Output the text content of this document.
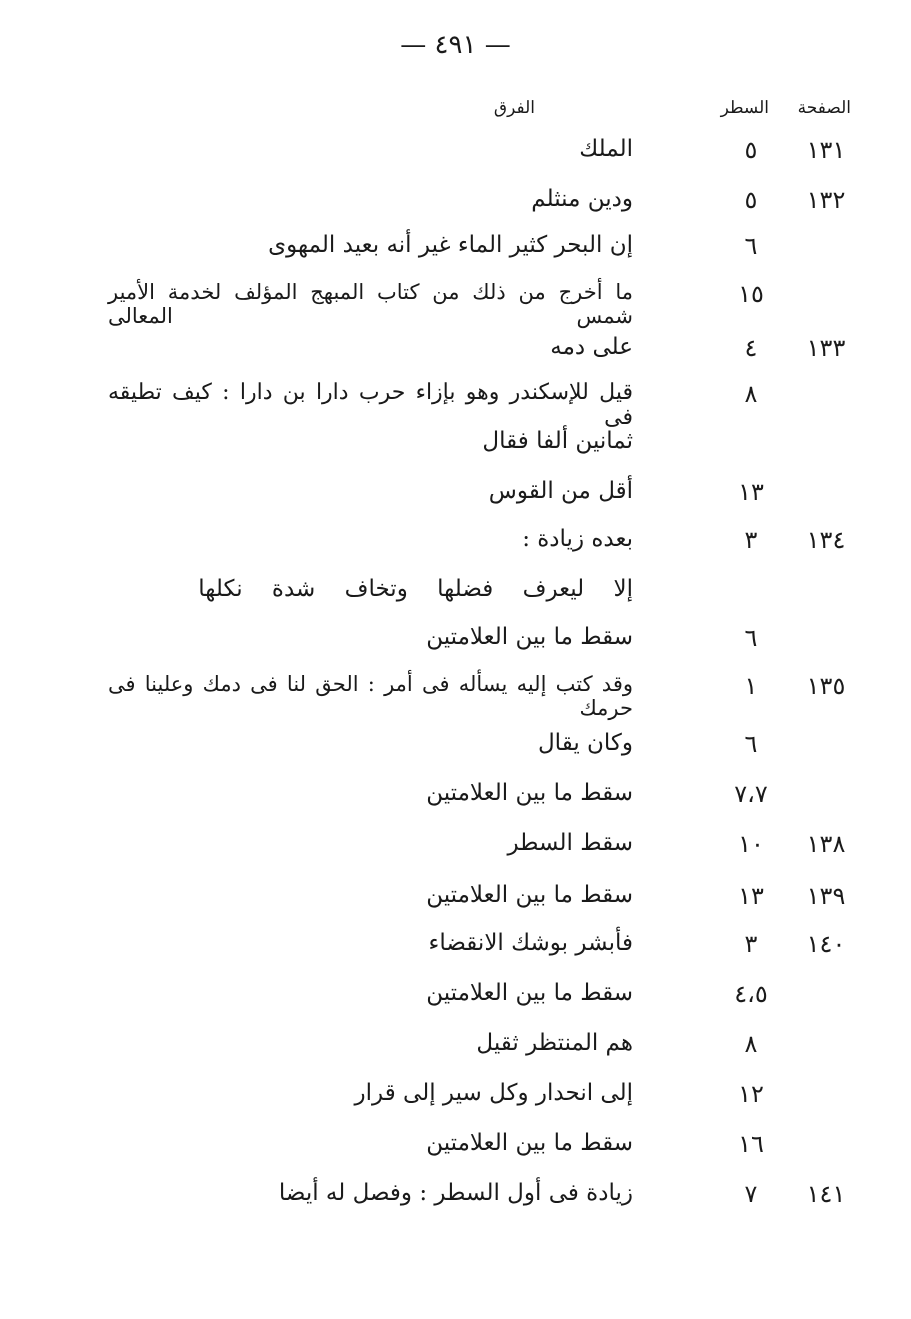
— ٤٩١ —
الصفحة
السطر
الفرق
١٣١
٥
الملك
١٣٢
٥
ودين منثلم
٦
إن البحر كثير الماء غير أنه بعيد المهوى
١٥
ما أخرج من ذلك من كتاب المبهج المؤلف لخدمة الأمير شمس المعالى
١٣٣
٤
على دمه
٨
قيل للإسكندر وهو بإزاء حرب دارا بن دارا : كيف تطيقه فى
ثمانين ألفا فقال
١٣
أقل من القوس
١٣٤
٣
بعده زيادة :
إلا ليعرف فضلها وتخاف شدة نكلها
٦
سقط ما بين العلامتين
١٣٥
١
وقد كتب إليه يسأله فى أمر : الحق لنا فى دمك وعلينا فى حرمك
٦
وكان يقال
٧،٧
سقط ما بين العلامتين
١٣٨
١٠
سقط السطر
١٣٩
١٣
سقط ما بين العلامتين
١٤٠
٣
فأبشر بوشك الانقضاء
٤،٥
سقط ما بين العلامتين
٨
هم المنتظر ثقيل
١٢
إلى انحدار وكل سير إلى قرار
١٦
سقط ما بين العلامتين
١٤١
٧
زيادة فى أول السطر : وفصل له أيضا
